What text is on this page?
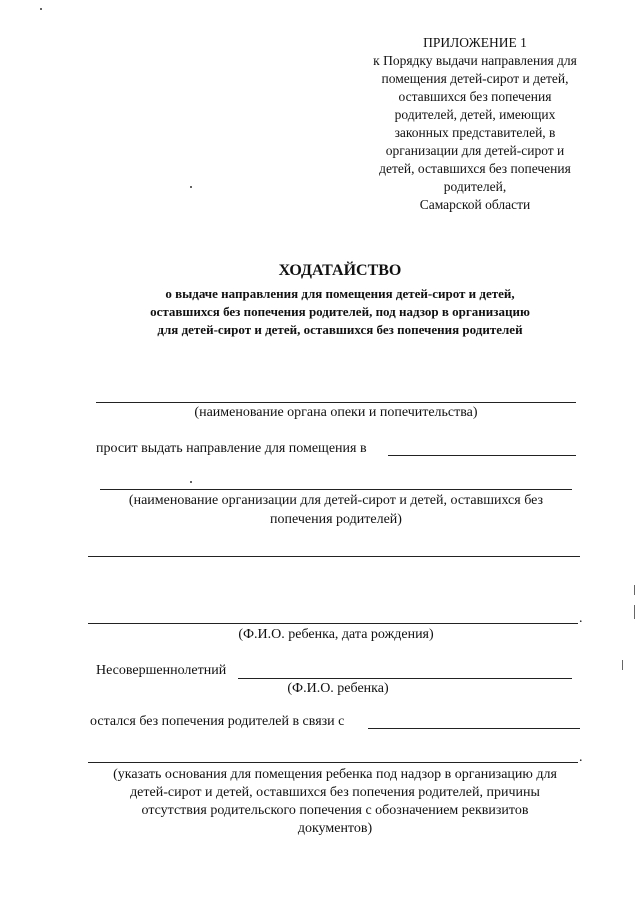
ПРИЛОЖЕНИЕ 1
к Порядку выдачи направления для
помещения детей-сирот и детей,
оставшихся без попечения
родителей, детей, имеющих
законных представителей, в
организации для детей-сирот и
детей, оставшихся без попечения
родителей,
Самарской области
ХОДАТАЙСТВО
о выдаче направления для помещения детей-сирот и детей,
оставшихся без попечения родителей, под надзор в организацию
для детей-сирот и детей, оставшихся без попечения родителей
(наименование органа опеки и попечительства)
просит выдать направление для помещения в
(наименование организации для детей-сирот и детей, оставшихся без
попечения родителей)
.
(Ф.И.О. ребенка, дата рождения)
Несовершеннолетний
(Ф.И.О. ребенка)
остался без попечения родителей в связи с
.
(указать основания для помещения ребенка под надзор в организацию для
детей-сирот и детей, оставшихся без попечения родителей, причины
отсутствия родительского попечения с обозначением реквизитов
документов)
